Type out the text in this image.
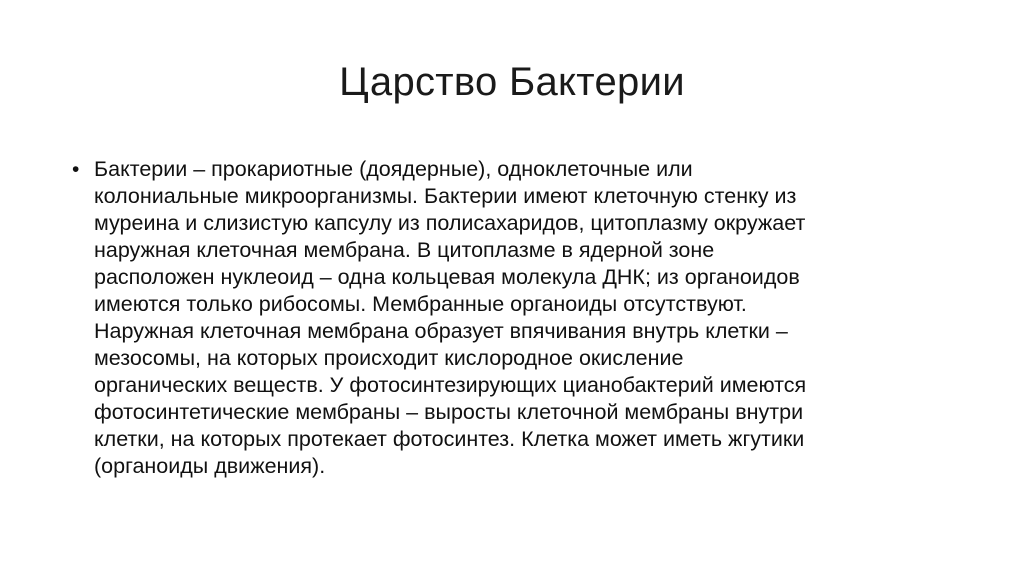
Царство Бактерии
• Бактерии – прокариотные (доядерные), одноклеточные или
колониальные микроорганизмы. Бактерии имеют клеточную стенку из
муреина и слизистую капсулу из полисахаридов, цитоплазму окружает
наружная клеточная мембрана. В цитоплазме в ядерной зоне
расположен нуклеоид – одна кольцевая молекула ДНК; из органоидов
имеются только рибосомы. Мембранные органоиды отсутствуют.
Наружная клеточная мембрана образует впячивания внутрь клетки –
мезосомы, на которых происходит кислородное окисление
органических веществ. У фотосинтезирующих цианобактерий имеются
фотосинтетические мембраны – выросты клеточной мембраны внутри
клетки, на которых протекает фотосинтез. Клетка может иметь жгутики
(органоиды движения).
